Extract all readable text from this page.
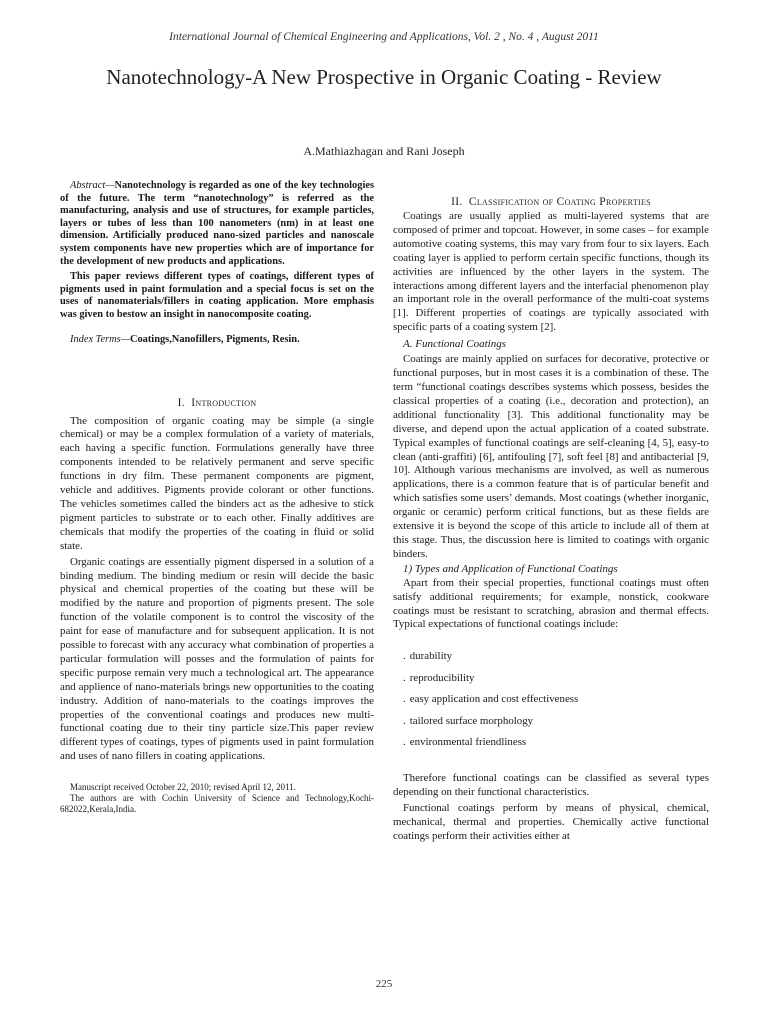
International Journal of Chemical Engineering and Applications, Vol. 2 , No. 4 , August 2011
Nanotechnology-A New Prospective in Organic Coating - Review
A.Mathiazhagan and Rani Joseph

Abstract—Nanotechnology is regarded as one of the key technologies of the future. The term “nanotechnology” is referred as the manufacturing, analysis and use of structures, for example particles, layers or tubes of less than 100 nanometers (nm) in at least one dimension. Artificially produced nano-sized particles and nanoscale system components have new properties which are of importance for the development of new products and applications.

This paper reviews different types of coatings, different types of pigments used in paint formulation and a special focus is set on the uses of nanomaterials/fillers in coating application. More emphasis was given to bestow an insight in nanocomposite coating.

Index Terms—Coatings,Nanofillers, Pigments, Resin.

I. Introduction

The composition of organic coating may be simple (a single chemical) or may be a complex formulation of a variety of materials, each having a specific function. Formulations generally have three components intended to be relatively permanent and serve specific functions in dry film. These permanent components are pigment, vehicle and additives. Pigments provide colorant or other functions. The vehicles sometimes called the binders act as the adhesive to stick pigment particles to substrate or to each other. Finally additives are chemicals that modify the properties of the coating in fluid or solid state.

Organic coatings are essentially pigment dispersed in a solution of a binding medium. The binding medium or resin will decide the basic physical and chemical properties of the coating but these will be modified by the nature and proportion of pigments present. The sole function of the volatile component is to control the viscosity of the paint for ease of manufacture and for subsequent application. It is not possible to forecast with any accuracy what combination of properties a particular formulation will posses and the formulation of paints for specific purpose remain very much a technological art. The appearance and applience of nano-materials brings new opportunities to the coating industry. Addition of nano-materials to the coatings improves the properties of the conventional coatings and produces new multi-functional coating due to their tiny particle size.This paper review different types of coatings, types of pigments used in paint formulation and uses of nano fillers in coating applications.

Manuscript received October 22, 2010; revised April 12, 2011.

The authors are with Cochin University of Science and Technology,Kochi-682022,Kerala,India.

II. Classification of Coating Properties

Coatings are usually applied as multi-layered systems that are composed of primer and topcoat. However, in some cases – for example automotive coating systems, this may vary from four to six layers. Each coating layer is applied to perform certain specific functions, though its activities are influenced by the other layers in the system. The interactions among different layers and the interfacial phenomenon play an important role in the overall performance of the multi-coat systems [1]. Different properties of coatings are typically associated with specific parts of a coating system [2].

A. Functional Coatings

Coatings are mainly applied on surfaces for decorative, protective or functional purposes, but in most cases it is a combination of these. The term “functional coatings describes systems which possess, besides the classical properties of a coating (i.e., decoration and protection), an additional functionality [3]. This additional functionality may be diverse, and depend upon the actual application of a coated substrate. Typical examples of functional coatings are self-cleaning [4, 5], easy-to clean (anti-graffiti) [6], antifouling [7], soft feel [8] and antibacterial [9, 10]. Although various mechanisms are involved, as well as numerous applications, there is a common feature that is of particular benefit and which satisfies some users’ demands. Most coatings (whether inorganic, organic or ceramic) perform critical functions, but as these fields are extensive it is beyond the scope of this article to include all of them at this stage. Thus, the discussion here is limited to coatings with organic binders.

1) Types and Application of Functional Coatings

Apart from their special properties, functional coatings must often satisfy additional requirements; for example, nonstick, cookware coatings must be resistant to scratching, abrasion and thermal effects. Typical expectations of functional coatings include:

. durability
. reproducibility
. easy application and cost effectiveness
. tailored surface morphology
. environmental friendliness

Therefore functional coatings can be classified as several types depending on their functional characteristics.

Functional coatings perform by means of physical, chemical, mechanical, thermal and properties. Chemically active functional coatings perform their activities either at

225
